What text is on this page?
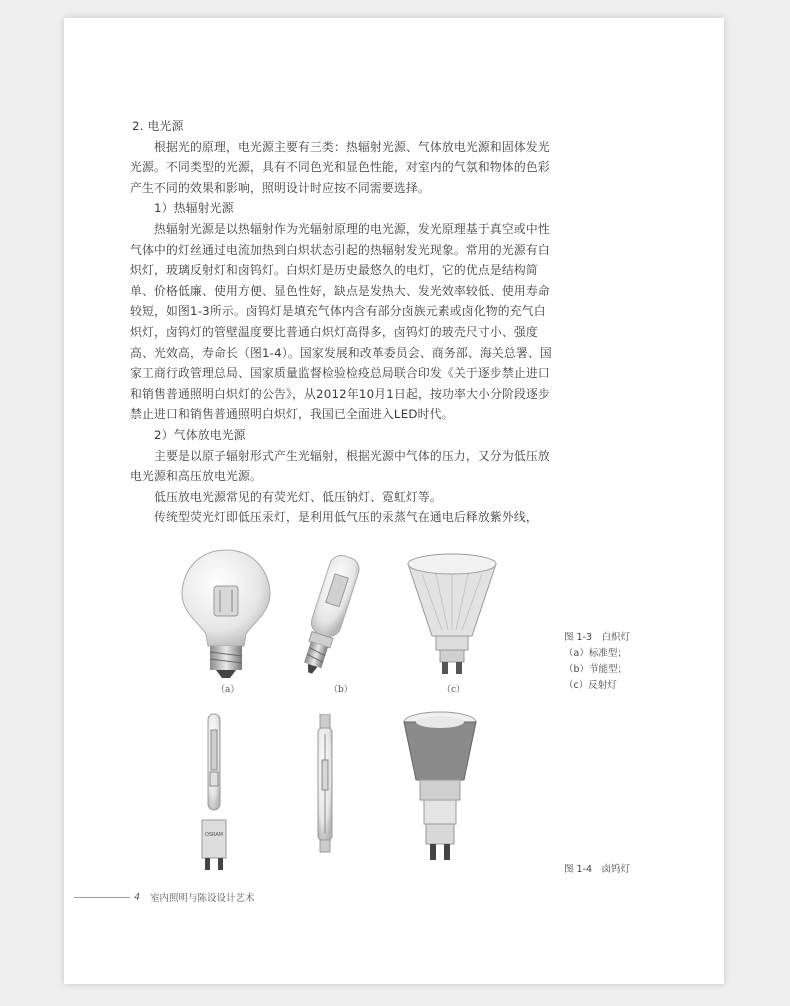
2. 电光源

根据光的原理，电光源主要有三类：热辐射光源、气体放电光源和固体发光光源。不同类型的光源，具有不同色光和显色性能，对室内的气氛和物体的色彩产生不同的效果和影响，照明设计时应按不同需要选择。

1）热辐射光源

热辐射光源是以热辐射作为光辐射原理的电光源，发光原理基于真空或中性气体中的灯丝通过电流加热到白炽状态引起的热辐射发光现象。常用的光源有白炽灯，玻璃反射灯和卤钨灯。白炽灯是历史最悠久的电灯，它的优点是结构简单、价格低廉、使用方便、显色性好，缺点是发热大、发光效率较低、使用寿命较短，如图1-3所示。卤钨灯是填充气体内含有部分卤族元素或卤化物的充气白炽灯，卤钨灯的管壁温度要比普通白炽灯高得多，卤钨灯的玻壳尺寸小、强度高、光效高，寿命长（图1-4）。国家发展和改革委员会、商务部、海关总署、国家工商行政管理总局、国家质量监督检验检疫总局联合印发《关于逐步禁止进口和销售普通照明白炽灯的公告》，从2012年10月1日起，按功率大小分阶段逐步禁止进口和销售普通照明白炽灯，我国已全面进入LED时代。

2）气体放电光源

主要是以原子辐射形式产生光辐射，根据光源中气体的压力，又分为低压放电光源和高压放电光源。

低压放电光源常见的有荧光灯、低压钠灯、霓虹灯等。

传统型荧光灯即低压汞灯，是利用低气压的汞蒸气在通电后释放紫外线，

（a）	（b）	（c）
图 1-3　白炽灯
（a）标准型；
（b）节能型；
（c）反射灯
OSRAM
图 1-4　卤钨灯
4 室内照明与陈设设计艺术
